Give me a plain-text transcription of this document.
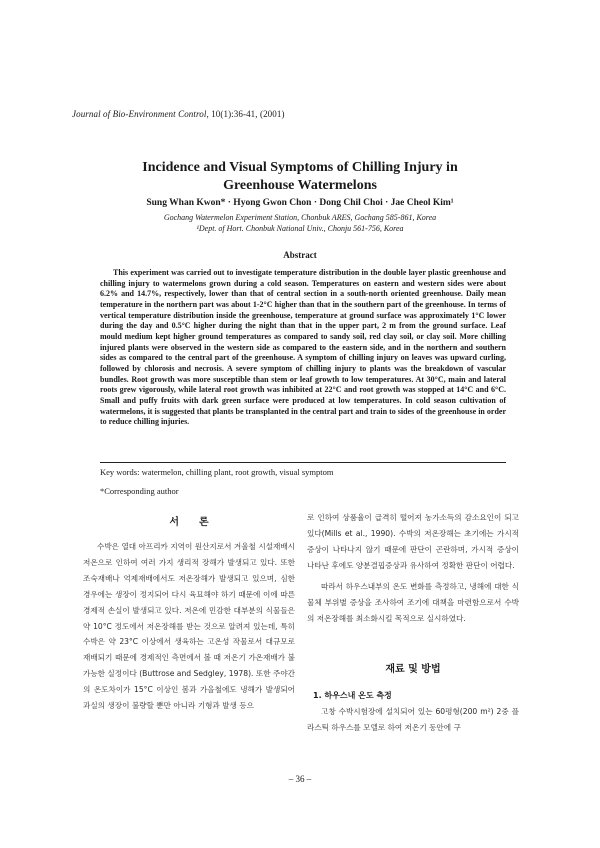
Journal of Bio-Environment Control, 10(1):36-41, (2001)
Incidence and Visual Symptoms of Chilling Injury in
Greenhouse Watermelons
Sung Whan Kwon* · Hyong Gwon Chon · Dong Chil Choi · Jae Cheol Kim¹
Gochang Watermelon Experiment Station, Chonbuk ARES, Gochang 585-861, Korea
¹Dept. of Hort. Chonbuk National Univ., Chonju 561-756, Korea
Abstract

This experiment was carried out to investigate temperature distribution in the double layer plastic greenhouse and chilling injury to watermelons grown during a cold season. Temperatures on eastern and western sides were about 6.2% and 14.7%, respectively, lower than that of central section in a south-north oriented greenhouse. Daily mean temperature in the northern part was about 1-2°C higher than that in the southern part of the greenhouse. In terms of vertical temperature distribution inside the greenhouse, temperature at ground surface was approximately 1°C lower during the day and 0.5°C higher during the night than that in the upper part, 2 m from the ground surface. Leaf mould medium kept higher ground temperatures as compared to sandy soil, red clay soil, or clay soil. More chilling injured plants were observed in the western side as compared to the eastern side, and in the northern and southern sides as compared to the central part of the greenhouse. A symptom of chilling injury on leaves was upward curling, followed by chlorosis and necrosis. A severe symptom of chilling injury to plants was the breakdown of vascular bundles. Root growth was more susceptible than stem or leaf growth to low temperatures. At 30°C, main and lateral roots grew vigorously, while lateral root growth was inhibited at 22°C and root growth was stopped at 14°C and 6°C. Small and puffy fruits with dark green surface were produced at low temperatures. In cold season cultivation of watermelons, it is suggested that plants be transplanted in the central part and train to sides of the greenhouse in order to reduce chilling injuries.

Key words: watermelon, chilling plant, root growth, visual symptom
*Corresponding author
서　　론

수박은 열대 아프리카 지역이 원산지로서 겨울철 시설재배시 저온으로 인하여 여러 가지 생리적 장해가 발생되고 있다. 또한 조숙재배나 억제재배에서도 저온장해가 발생되고 있으며, 심한 경우에는 생장이 정지되어 다시 육묘해야 하기 때문에 이에 따른 경제적 손실이 발생되고 있다. 저온에 민감한 대부분의 식물들은 약 10°C 정도에서 저온장해를 받는 것으로 알려져 있는데, 특히 수박은 약 23°C 이상에서 생육하는 고온성 작물로서 대규모로 재배되기 때문에 경제적인 측면에서 볼 때 저온기 가온재배가 불가능한 실정이다 (Buttrose and Sedgley, 1978). 또한 주야간의 온도차이가 15°C 이상인 봄과 가을철에도 냉해가 발생되어 과실의 생장이 불량할 뿐만 아니라 기형과 발생 등으

로 인하여 상품율이 급격히 떨어져 농가소득의 감소요인이 되고 있다(Mills et al., 1990). 수박의 저온장해는 초기에는 가시적 증상이 나타나지 않기 때문에 판단이 곤란하며, 가시적 증상이 나타난 후에도 양분결핍증상과 유사하여 정확한 판단이 어렵다.

따라서 하우스내부의 온도 변화를 측정하고, 냉해에 대한 식물체 부위별 증상을 조사하여 조기에 대책을 마련함으로서 수박의 저온장해를 최소화시킬 목적으로 실시하였다.

재료 및 방법
1. 하우스내 온도 측정

고창 수박시험장에 설치되어 있는 60평형(200 m²) 2중 플라스틱 하우스를 모델로 하여 저온기 동안에 구

– 36 –
